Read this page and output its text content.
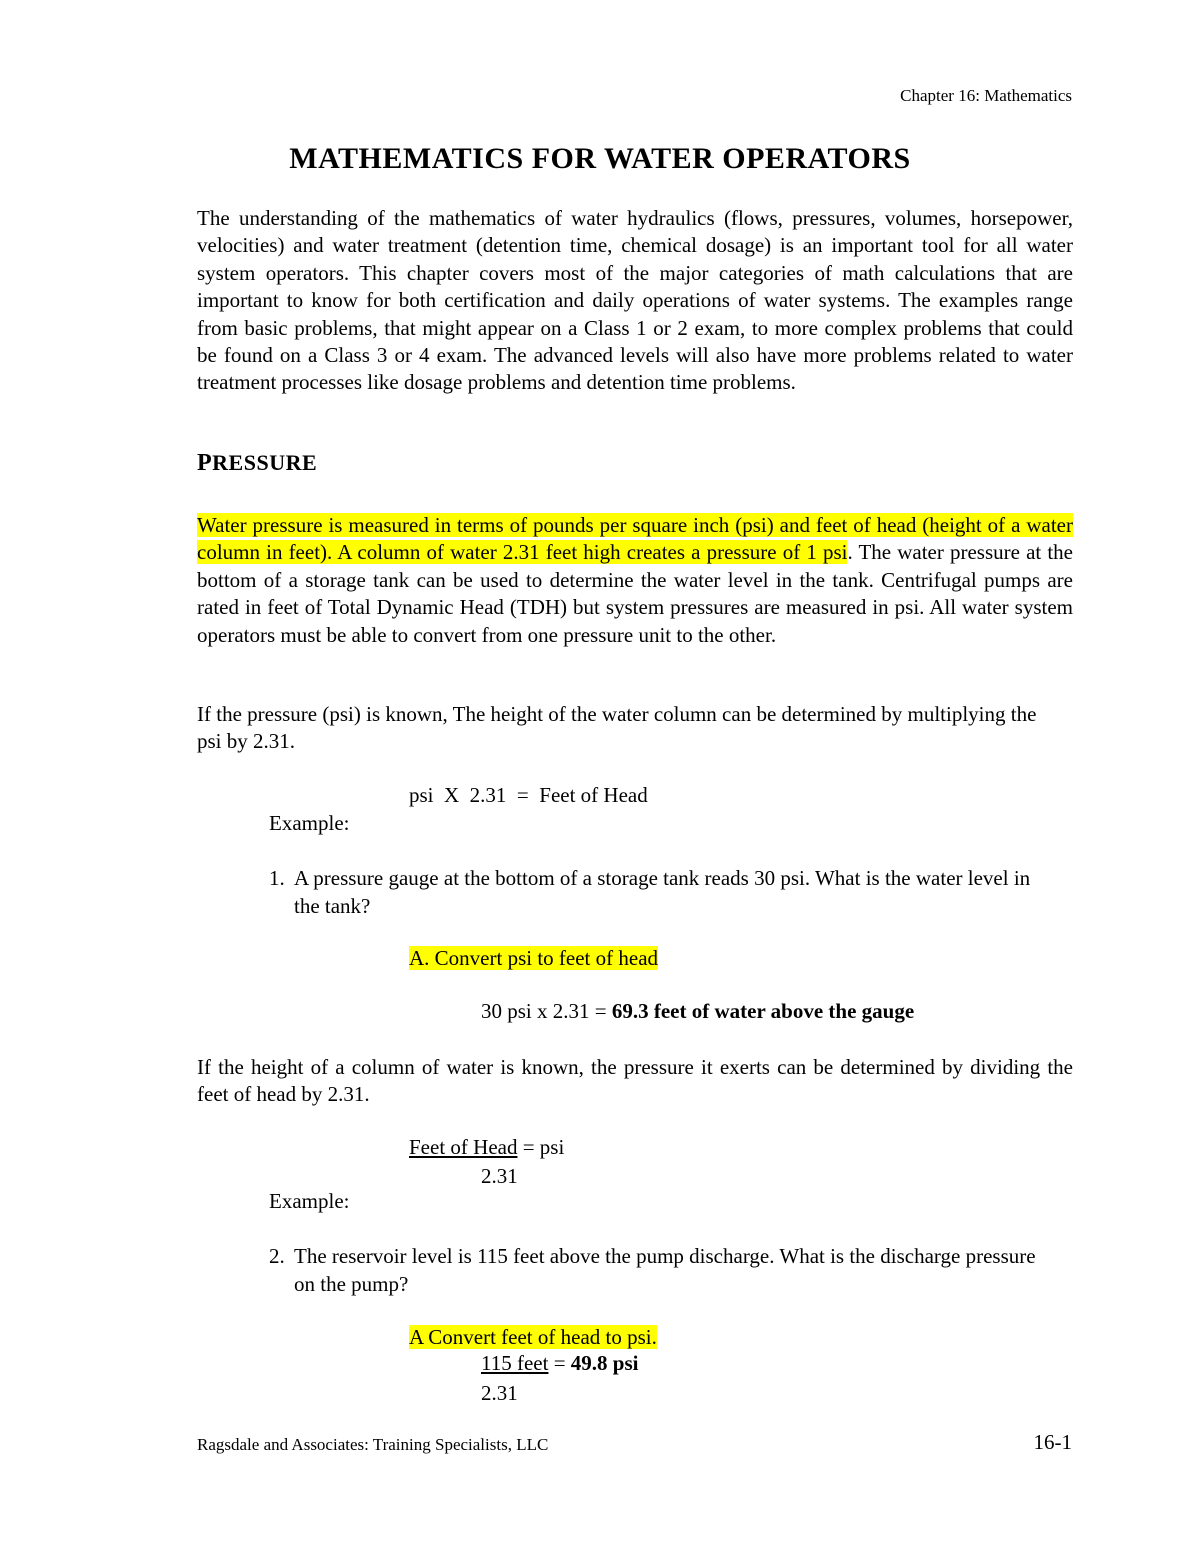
Chapter 16: Mathematics
MATHEMATICS FOR WATER OPERATORS
The understanding of the mathematics of water hydraulics (flows, pressures, volumes, horsepower, velocities) and water treatment (detention time, chemical dosage) is an important tool for all water system operators. This chapter covers most of the major categories of math calculations that are important to know for both certification and daily operations of water systems. The examples range from basic problems, that might appear on a Class 1 or 2 exam, to more complex problems that could be found on a Class 3 or 4 exam. The advanced levels will also have more problems related to water treatment processes like dosage problems and detention time problems.
PRESSURE
Water pressure is measured in terms of pounds per square inch (psi) and feet of head (height of a water column in feet). A column of water 2.31 feet high creates a pressure of 1 psi. The water pressure at the bottom of a storage tank can be used to determine the water level in the tank. Centrifugal pumps are rated in feet of Total Dynamic Head (TDH) but system pressures are measured in psi. All water system operators must be able to convert from one pressure unit to the other.
If the pressure (psi) is known, The height of the water column can be determined by multiplying the psi by 2.31.
psi  X  2.31  =  Feet of Head
Example:
1. A pressure gauge at the bottom of a storage tank reads 30 psi. What is the water level in the tank?
A. Convert psi to feet of head
30 psi x 2.31 = 69.3 feet of water above the gauge
If the height of a column of water is known, the pressure it exerts can be determined by dividing the feet of head by 2.31.
Feet of Head = psi
2.31
Example:
2. The reservoir level is 115 feet above the pump discharge. What is the discharge pressure on the pump?
A Convert feet of head to psi.
115 feet = 49.8 psi
2.31
Ragsdale and Associates: Training Specialists, LLC	16-1
